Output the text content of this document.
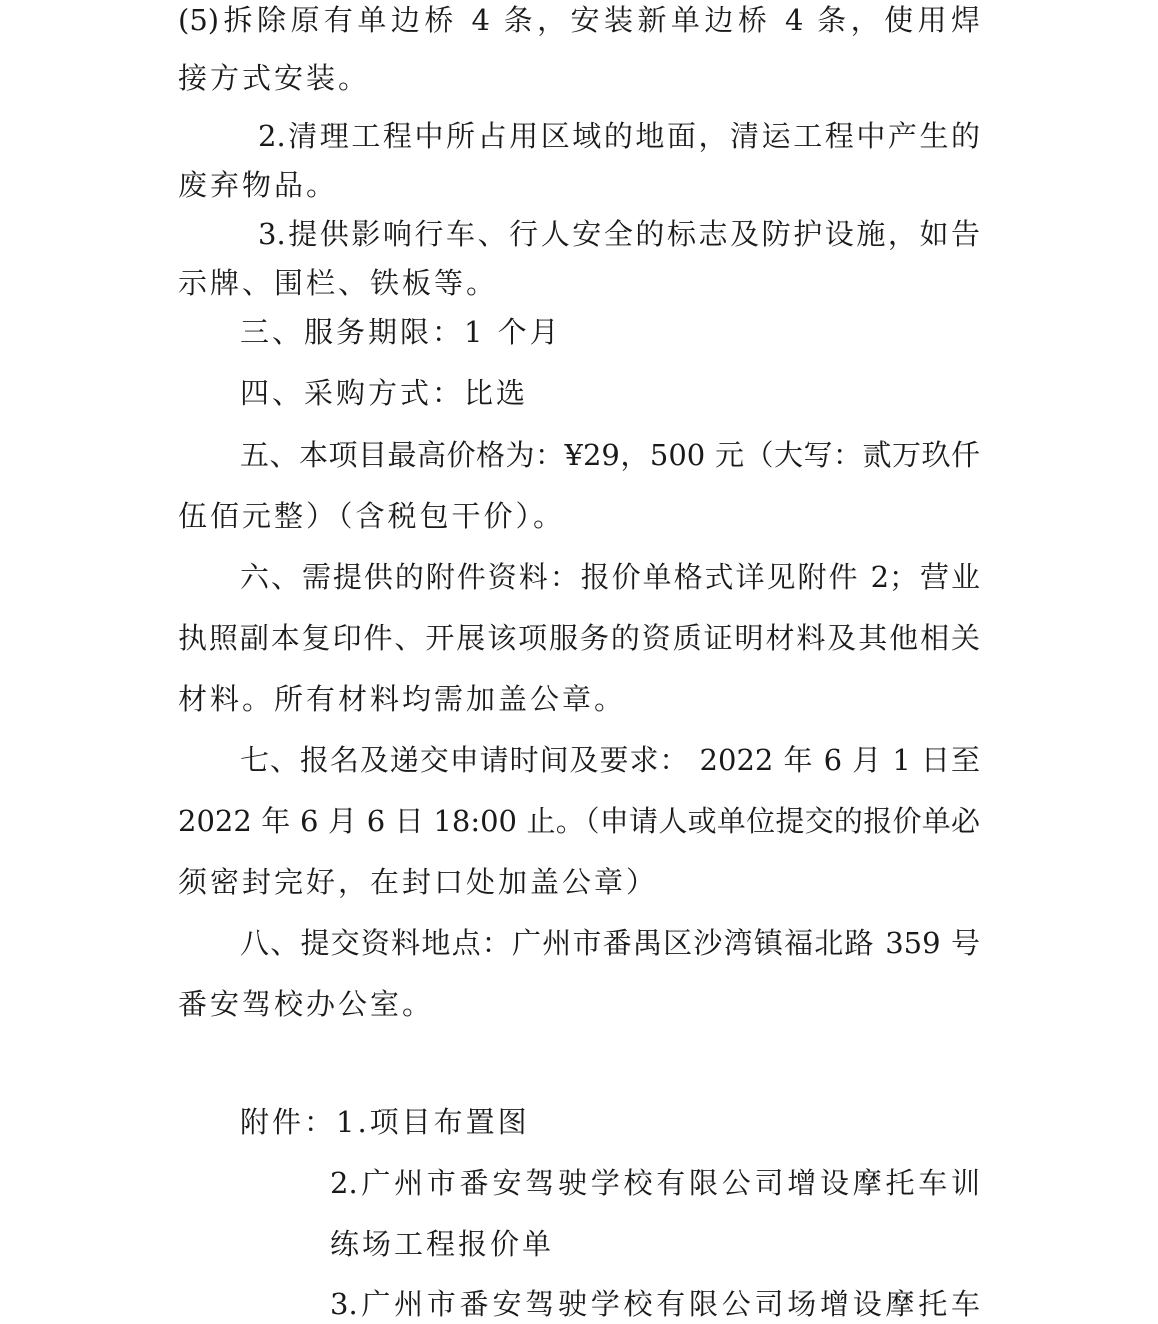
(5)拆除原有单边桥 4 条，安装新单边桥 4 条，使用焊
接方式安装。
2.清理工程中所占用区域的地面，清运工程中产生的
废弃物品。
3.提供影响行车、行人安全的标志及防护设施，如告
示牌、围栏、铁板等。
三、服务期限：1 个月
四、采购方式：比选
五、本项目最高价格为：¥29，500 元（大写：贰万玖仟
伍佰元整）（含税包干价）。
六、需提供的附件资料：报价单格式详见附件 2；营业
执照副本复印件、开展该项服务的资质证明材料及其他相关
材料。所有材料均需加盖公章。
七、报名及递交申请时间及要求： 2022 年 6 月 1 日至
2022 年 6 月 6 日 18:00 止。（申请人或单位提交的报价单必
须密封完好，在封口处加盖公章）
八、提交资料地点：广州市番禺区沙湾镇福北路 359 号
番安驾校办公室。
附件：1.项目布置图
2.广州市番安驾驶学校有限公司增设摩托车训
练场工程报价单
3.广州市番安驾驶学校有限公司场增设摩托车
